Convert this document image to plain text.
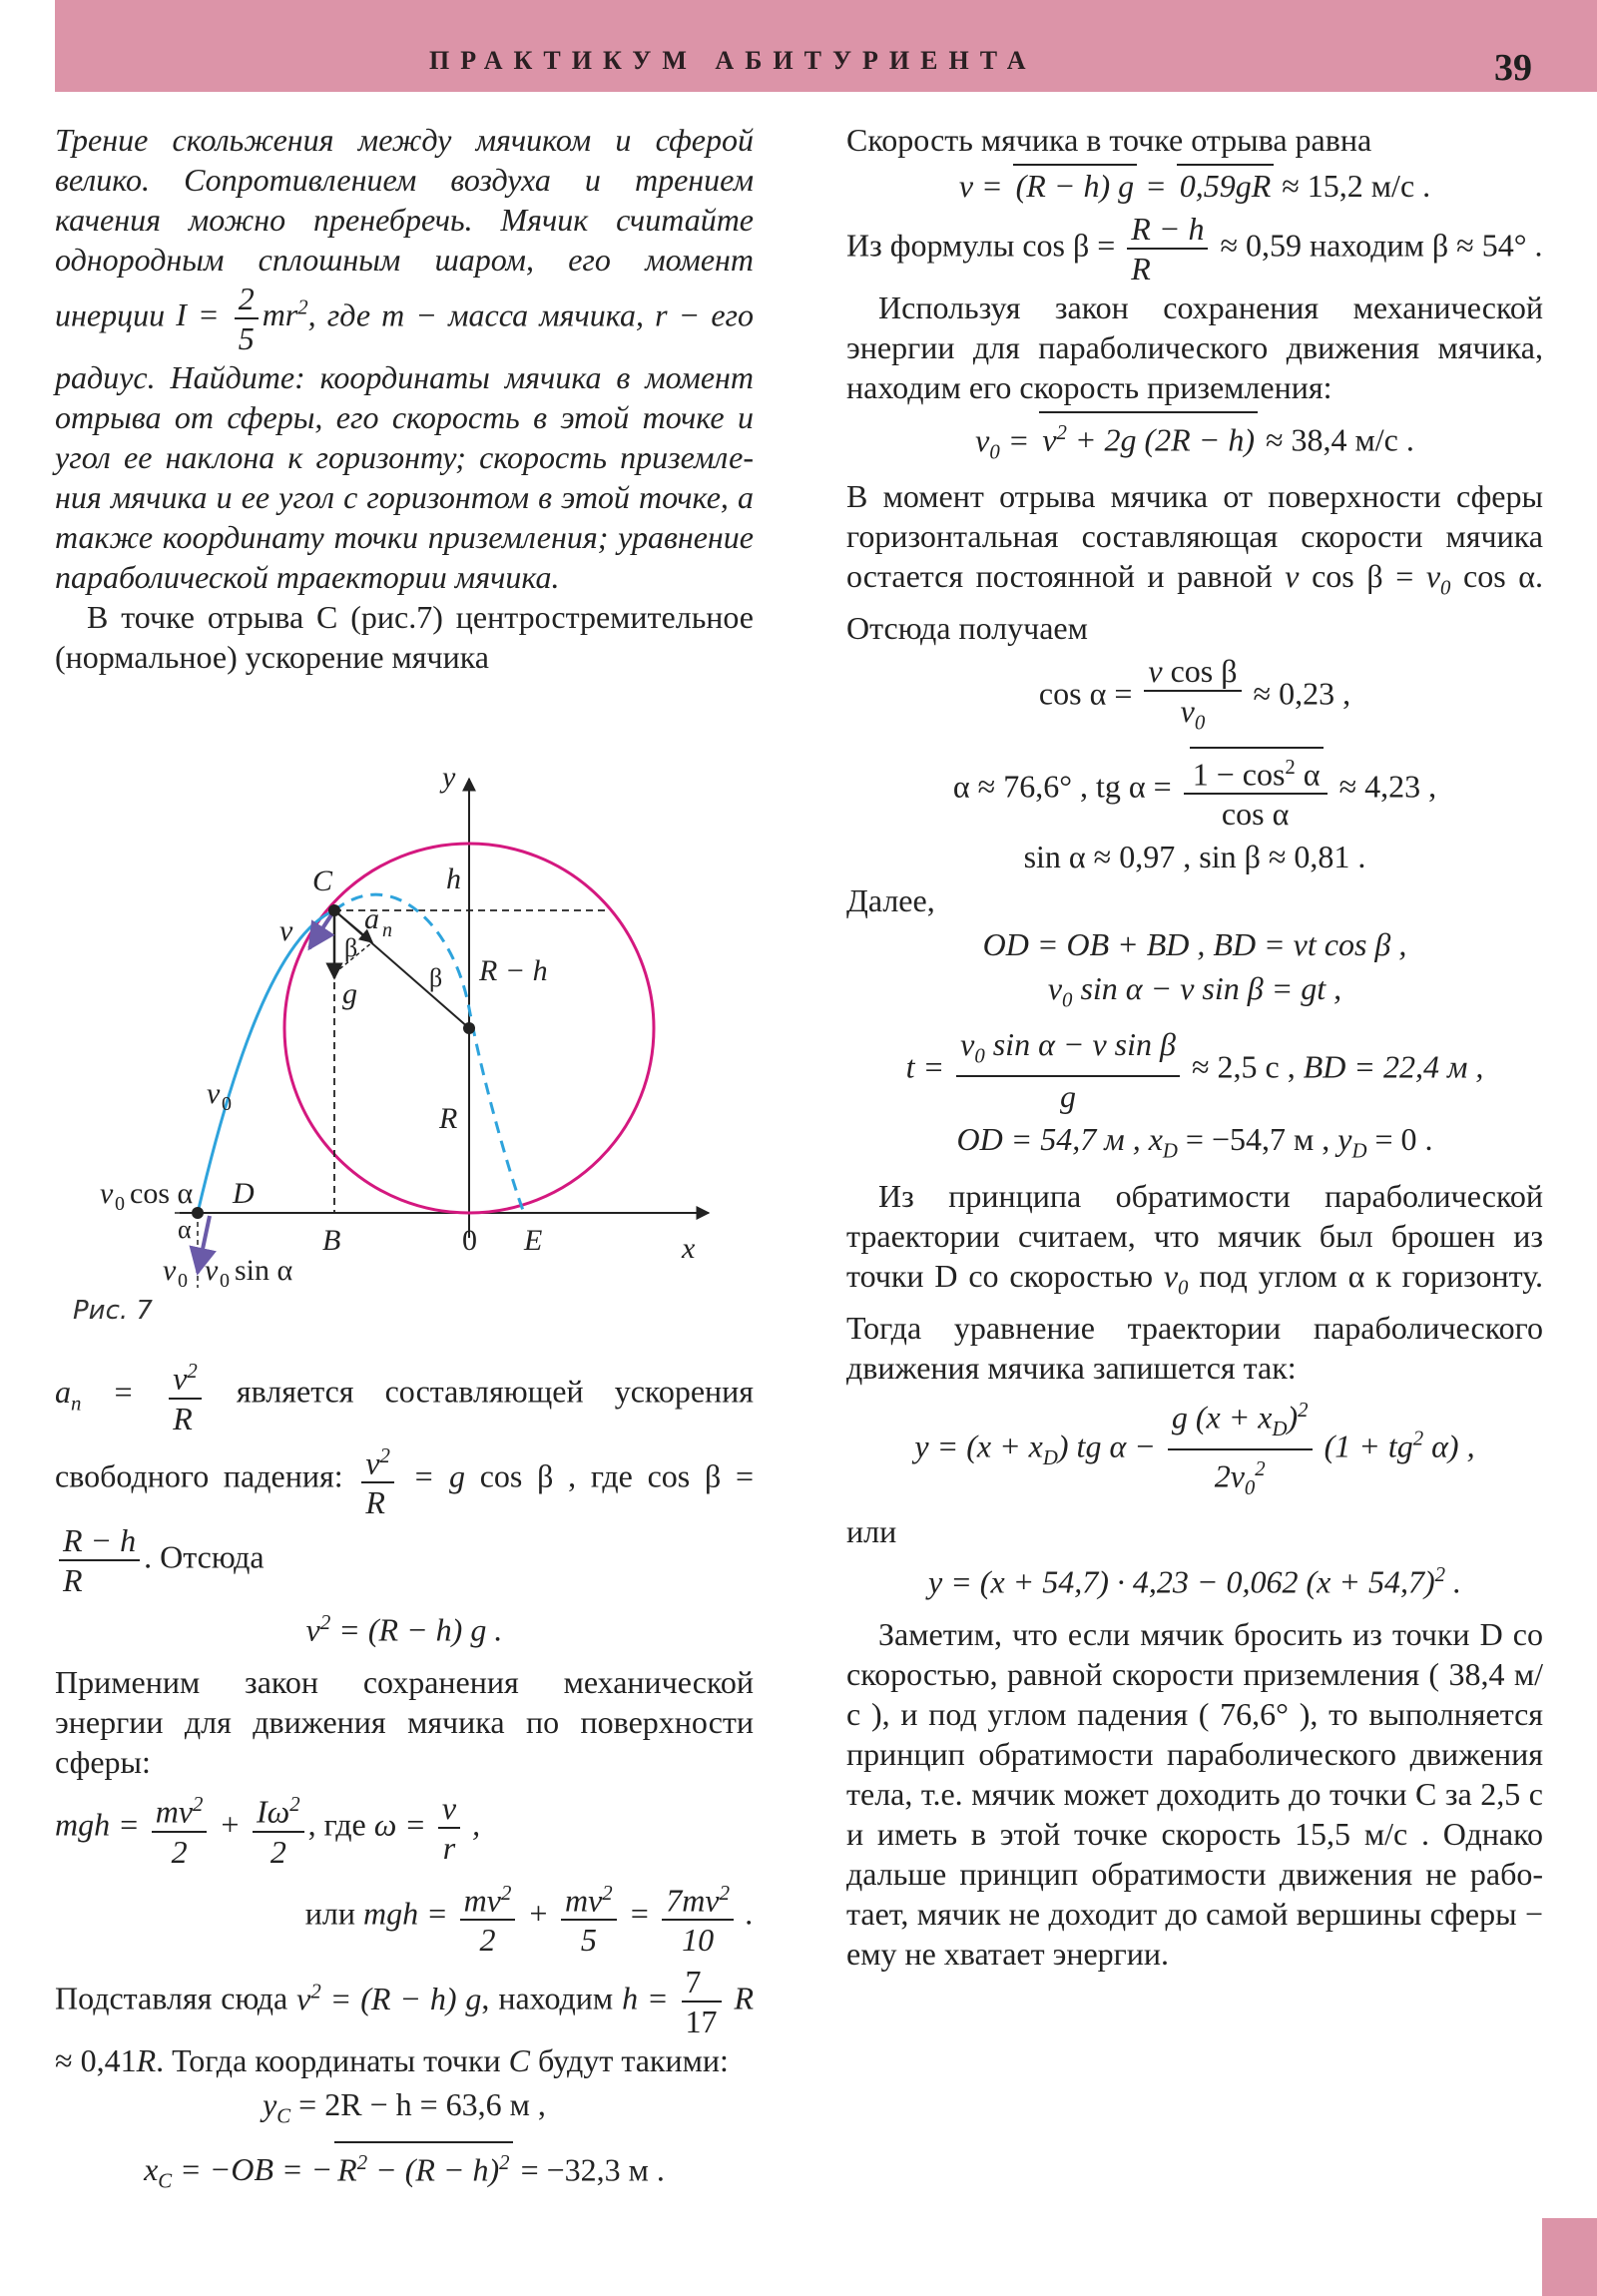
ПРАКТИКУМ АБИТУРИЕНТА	39

Трение скольжения между мячиком и сферой велико. Сопротивлением воздуха и трением качения можно пренебречь. Мячик считайте однородным сплошным шаром, его момент инерции $I = \frac{2}{5} mr^2$, где m − масса мячика, r − его радиус. Найдите: координаты мячика в момент отрыва от сферы, его скорость в этой точке и угол ее наклона к горизонту; скорость приземления мячика и ее угол с горизонтом в этой точке, а также координату точки приземления; уравнение параболической траектории мячика.

В точке отрыва C (рис.7) центростремительное (нормальное) ускорение мячика

y
x
h
C
v a n
β
β
g
R − h
R
v 0
v 0 cos α D
α	B	0 E
v 0 v 0 sin α
Рис. 7

$a_n = \frac{v^2}{R}$ является составляющей ускорения свободного падения: $\frac{v^2}{R} = g$ cos β , где cos β =
$\frac{R - h}{R}$ . Отсюда

$v^2 = (R - h)$ g .

Применим закон сохранения механической энергии для движения мячика по поверхности сферы:

mgh = $\frac{mv^2}{2} + \frac{I\omega^2}{2}$ , где $\omega = \frac{v}{r}$ ,
или mgh = $\frac{mv^2}{2} + \frac{mv^2}{5} = \frac{7mv^2}{10}$ .

Подставляя сюда $v^2 = (R - h)$ g, находим $h = \frac{7}{17}$ R ≈ 0,41R. Тогда координаты точки C будут такими:

$y_C = 2R - h = 63,6$ м ,
$x_C = -OB$ = − $R^2 - (R - h)^2 = -32,3$ м .

Скорость мячика в точке отрыва равна

v = (R − h) g = 0,59gR ≈ 15,2 м/с .

Из формулы $\cos \beta = \frac{R - h}{R} \approx 0,59$ находим β ≈ 54° .

Используя закон сохранения механической энергии для параболического движения мячика, находим его скорость приземления:

$v_0 = v^2 + 2g$ (2R − h) ≈ 38,4 м/с .

В момент отрыва мячика от поверхности сферы горизонтальная составляющая скорости мячика остается постоянной и равной v $\cos \beta = v_0$ cos α. Отсюда получаем

$\cos \alpha = \frac{\text{v cos β}}{v_0} \approx 0,23$ ,
α ≈ 76,6° , tg $\alpha = \frac{1 - \cos^2 \alpha}{\text{cos α}} \approx 4,23$ ,
sin α ≈ 0,97 , sin β ≈ 0,81 .

Далее,

OD = OB + BD , BD = vt cos β ,
$v_0$ sin α − v sin β = gt ,
$t = \frac{v_0 \sin \alpha - v \sin \beta}{g} \approx 2,5$ с , BD = 22,4 м ,
OD = 54,7 м , $x_D = -54,7$ м , $y_D = 0$ .

Из принципа обратимости параболической траектории считаем, что мячик был брошен из точки D со скоростью $v_0$ под углом α к горизонту. Тогда уравнение траектории параболического движения мячика запишется так:

$y = (x + x_D)$ tg $\alpha - \frac{g (x + x_D)^2}{2v_0^2} (1 + tg^2$ α) ,

или

y = (x + 54,7) · 4,23 − 0,062 $(x + 54,7)^2$ .

Заметим, что если мячик бросить из точки D со скоростью, равной скорости приземления ( 38,4 м/с ), и под углом падения ( 76,6° ), то выполняется принцип обратимости параболического движения тела, т.е. мячик может доходить до точки C за 2,5 с и иметь в этой точке скорость 15,5 м/с . Однако дальше принцип обратимости движения не работает, мячик не доходит до самой вершины сферы − ему не хватает энергии.
